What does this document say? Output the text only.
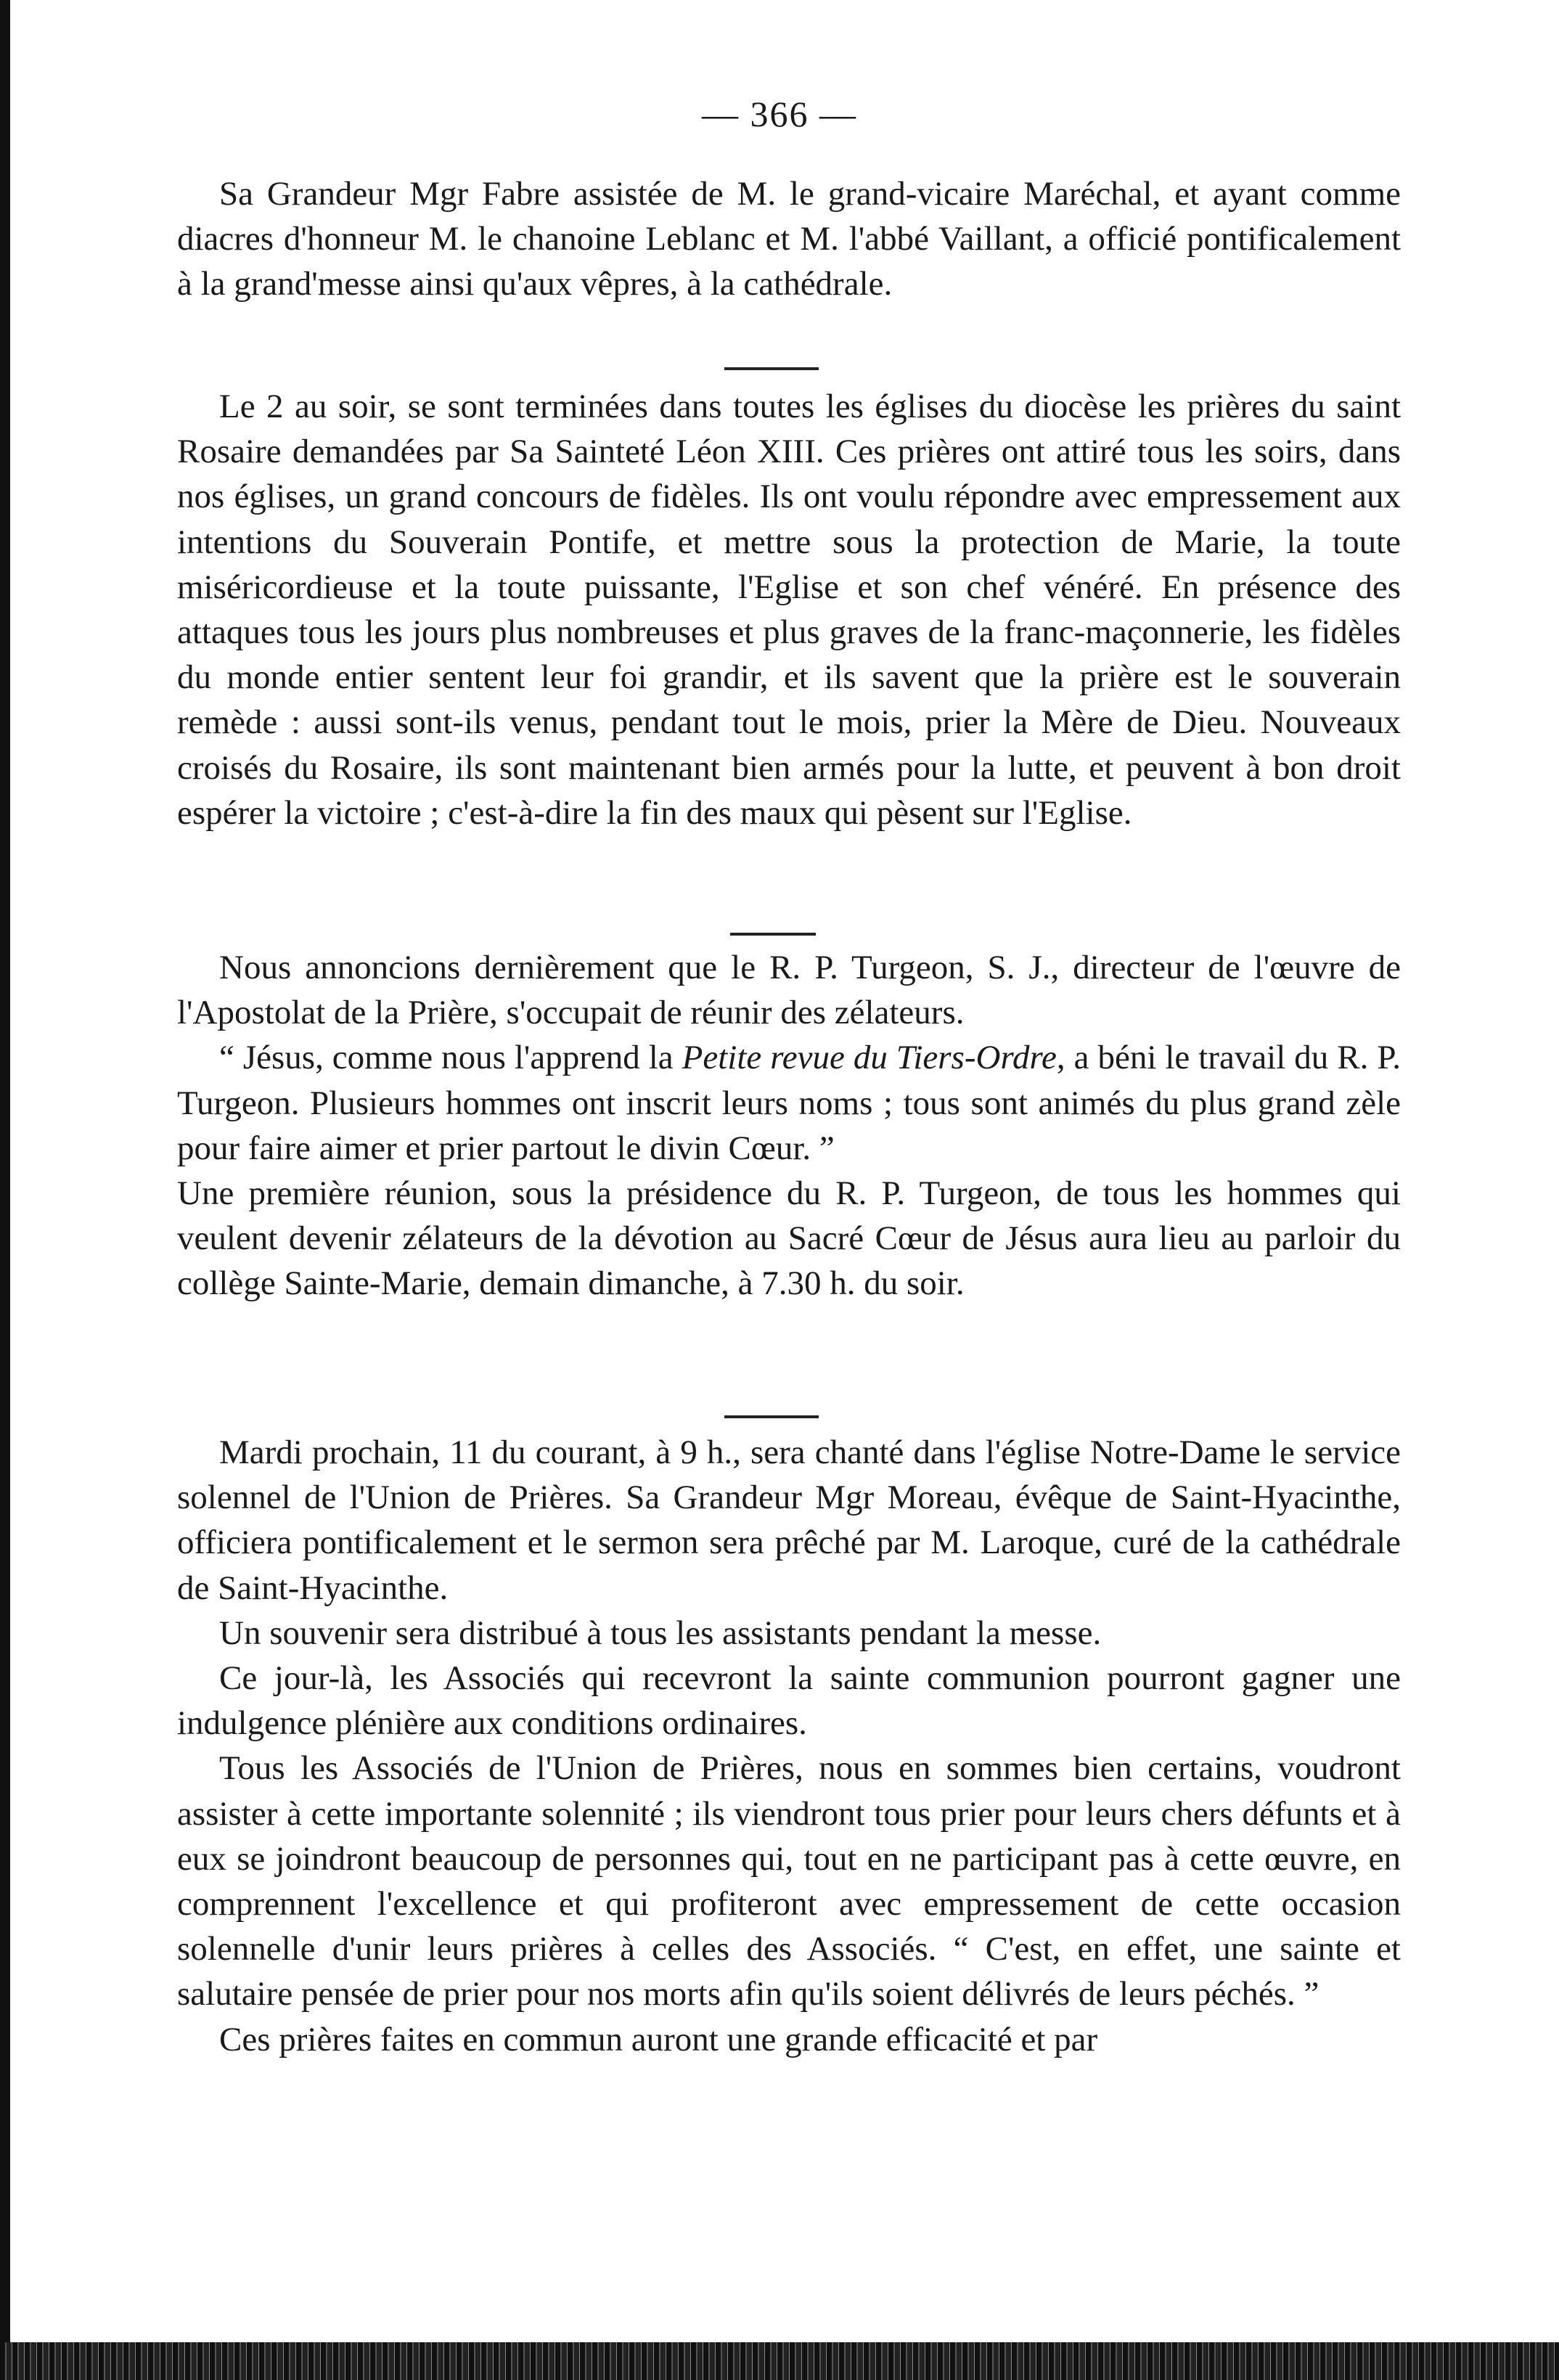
— 366 —

Sa Grandeur Mgr Fabre assistée de M. le grand-vicaire Maréchal, et ayant comme diacres d'honneur M. le chanoine Leblanc et M. l'abbé Vaillant, a officié pontificalement à la grand'messe ainsi qu'aux vêpres, à la cathédrale.

Le 2 au soir, se sont terminées dans toutes les églises du diocèse les prières du saint Rosaire demandées par Sa Sainteté Léon XIII. Ces prières ont attiré tous les soirs, dans nos églises, un grand concours de fidèles. Ils ont voulu répondre avec empressement aux intentions du Souverain Pontife, et mettre sous la protection de Marie, la toute miséricordieuse et la toute puissante, l'Eglise et son chef vénéré. En présence des attaques tous les jours plus nombreuses et plus graves de la franc-maçonnerie, les fidèles du monde entier sentent leur foi grandir, et ils savent que la prière est le souverain remède : aussi sont-ils venus, pendant tout le mois, prier la Mère de Dieu. Nouveaux croisés du Rosaire, ils sont maintenant bien armés pour la lutte, et peuvent à bon droit espérer la victoire ; c'est-à-dire la fin des maux qui pèsent sur l'Eglise.

Nous annoncions dernièrement que le R. P. Turgeon, S. J., directeur de l'œuvre de l'Apostolat de la Prière, s'occupait de réunir des zélateurs.

“ Jésus, comme nous l'apprend la Petite revue du Tiers-Ordre, a béni le travail du R. P. Turgeon. Plusieurs hommes ont inscrit leurs noms ; tous sont animés du plus grand zèle pour faire aimer et prier partout le divin Cœur. ”

Une première réunion, sous la présidence du R. P. Turgeon, de tous les hommes qui veulent devenir zélateurs de la dévotion au Sacré Cœur de Jésus aura lieu au parloir du collège Sainte-Marie, demain dimanche, à 7.30 h. du soir.

Mardi prochain, 11 du courant, à 9 h., sera chanté dans l'église Notre-Dame le service solennel de l'Union de Prières. Sa Grandeur Mgr Moreau, évêque de Saint-Hyacinthe, officiera pontificalement et le sermon sera prêché par M. Laroque, curé de la cathédrale de Saint-Hyacinthe.

Un souvenir sera distribué à tous les assistants pendant la messe.

Ce jour-là, les Associés qui recevront la sainte communion pourront gagner une indulgence plénière aux conditions ordinaires.

Tous les Associés de l'Union de Prières, nous en sommes bien certains, voudront assister à cette importante solennité ; ils viendront tous prier pour leurs chers défunts et à eux se joindront beaucoup de personnes qui, tout en ne participant pas à cette œuvre, en comprennent l'excellence et qui profiteront avec empressement de cette occasion solennelle d'unir leurs prières à celles des Associés. “ C'est, en effet, une sainte et salutaire pensée de prier pour nos morts afin qu'ils soient délivrés de leurs péchés. ”

Ces prières faites en commun auront une grande efficacité et par
